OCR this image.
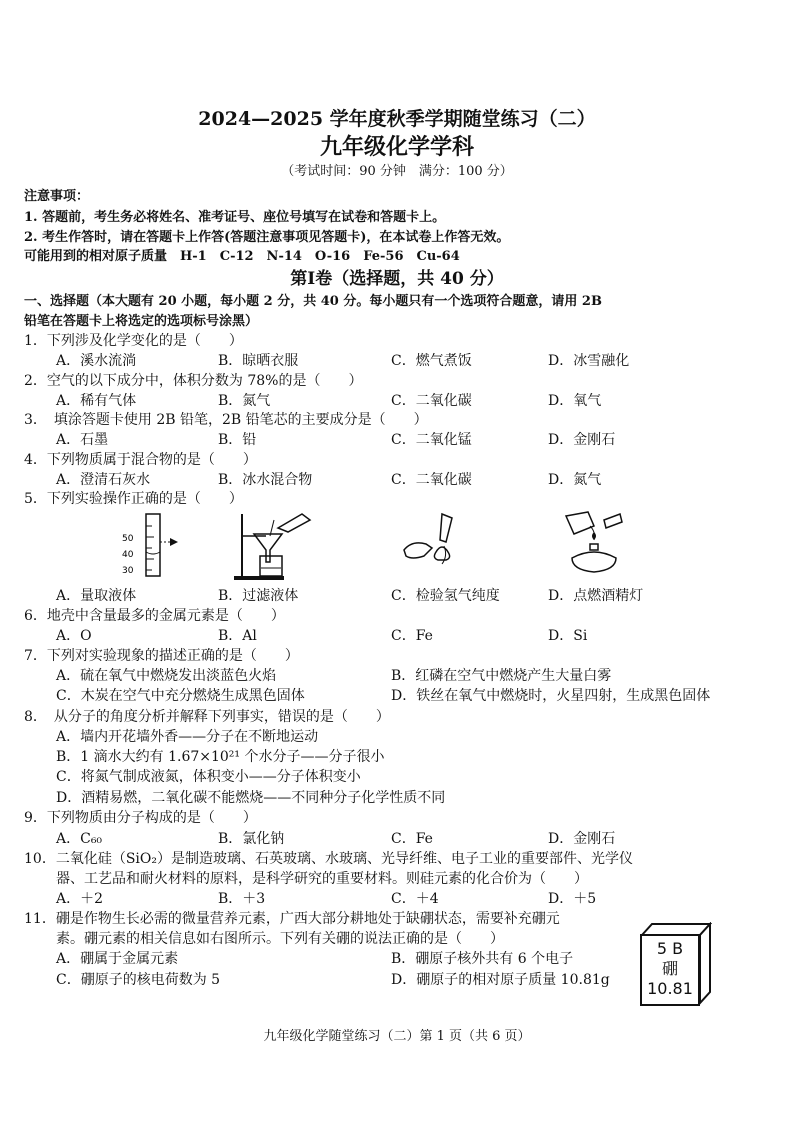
2024—2025 学年度秋季学期随堂练习（二）
九年级化学学科
（考试时间：90 分钟　满分：100 分）
注意事项：
1. 答题前，考生务必将姓名、准考证号、座位号填写在试卷和答题卡上。
2. 考生作答时，请在答题卡上作答(答题注意事项见答题卡)，在本试卷上作答无效。
可能用到的相对原子质量　H-1　C-12　N-14　O-16　Fe-56　Cu-64
第Ⅰ卷（选择题，共 40 分）
一、选择题（本大题有 20 小题，每小题 2 分，共 40 分。每小题只有一个选项符合题意，请用 2B
铅笔在答题卡上将选定的选项标号涂黑）
1．下列涉及化学变化的是（　　）
A．溪水流淌	B．晾晒衣服	C．燃气煮饭	D．冰雪融化
2．空气的以下成分中，体积分数为 78%的是（　　）
A．稀有气体	B．氮气	C．二氧化碳	D．氧气
3．　填涂答题卡使用 2B 铅笔，2B 铅笔芯的主要成分是（　　）
A．石墨	B．铅	C．二氧化锰	D．金刚石
4．下列物质属于混合物的是（　　）
A．澄清石灰水	B．冰水混合物	C．二氧化碳	D．氮气
5．下列实验操作正确的是（　　）
50
40
30
A．量取液体	B．过滤液体	C．检验氢气纯度	D．点燃酒精灯
6．地壳中含量最多的金属元素是（　　）
A．O	B．Al	C．Fe	D．Si
7．下列对实验现象的描述正确的是（　　）
A．硫在氧气中燃烧发出淡蓝色火焰	B．红磷在空气中燃烧产生大量白雾
C．木炭在空气中充分燃烧生成黑色固体	D．铁丝在氧气中燃烧时，火星四射，生成黑色固体
8．　从分子的角度分析并解释下列事实，错误的是（　　）
A．墙内开花墙外香——分子在不断地运动
B．1 滴水大约有 1.67×10²¹ 个水分子——分子很小
C．将氮气制成液氮，体积变小——分子体积变小
D．酒精易燃，二氧化碳不能燃烧——不同种分子化学性质不同
9．下列物质由分子构成的是（　　）
A．C₆₀	B．氯化钠	C．Fe	D．金刚石
10．二氧化硅（SiO₂）是制造玻璃、石英玻璃、水玻璃、光导纤维、电子工业的重要部件、光学仪
器、工艺品和耐火材料的原料，是科学研究的重要材料。则硅元素的化合价为（　　）
A．＋2	B．＋3	C．＋4	D．＋5
11．硼是作物生长必需的微量营养元素，广西大部分耕地处于缺硼状态，需要补充硼元
素。硼元素的相关信息如右图所示。下列有关硼的说法正确的是（　　）
A．硼属于金属元素	B．硼原子核外共有 6 个电子
C．硼原子的核电荷数为 5	D．硼原子的相对原子质量 10.81g
5 B
硼
10.81
九年级化学随堂练习（二）第 1 页（共 6 页）
